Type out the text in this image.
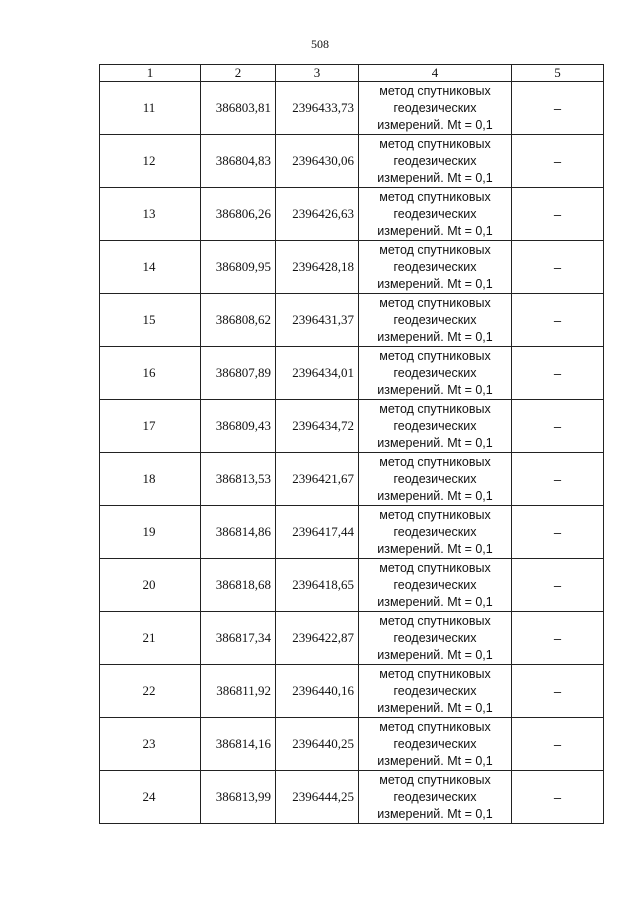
508
1	2	3	4	5
11	386803,81	2396433,73	метод спутниковых
геодезических
измерений. Mt = 0,1	–
12	386804,83	2396430,06	метод спутниковых
геодезических
измерений. Mt = 0,1	–
13	386806,26	2396426,63	метод спутниковых
геодезических
измерений. Mt = 0,1	–
14	386809,95	2396428,18	метод спутниковых
геодезических
измерений. Mt = 0,1	–
15	386808,62	2396431,37	метод спутниковых
геодезических
измерений. Mt = 0,1	–
16	386807,89	2396434,01	метод спутниковых
геодезических
измерений. Mt = 0,1	–
17	386809,43	2396434,72	метод спутниковых
геодезических
измерений. Mt = 0,1	–
18	386813,53	2396421,67	метод спутниковых
геодезических
измерений. Mt = 0,1	–
19	386814,86	2396417,44	метод спутниковых
геодезических
измерений. Mt = 0,1	–
20	386818,68	2396418,65	метод спутниковых
геодезических
измерений. Mt = 0,1	–
21	386817,34	2396422,87	метод спутниковых
геодезических
измерений. Mt = 0,1	–
22	386811,92	2396440,16	метод спутниковых
геодезических
измерений. Mt = 0,1	–
23	386814,16	2396440,25	метод спутниковых
геодезических
измерений. Mt = 0,1	–
24	386813,99	2396444,25	метод спутниковых
геодезических
измерений. Mt = 0,1	–
